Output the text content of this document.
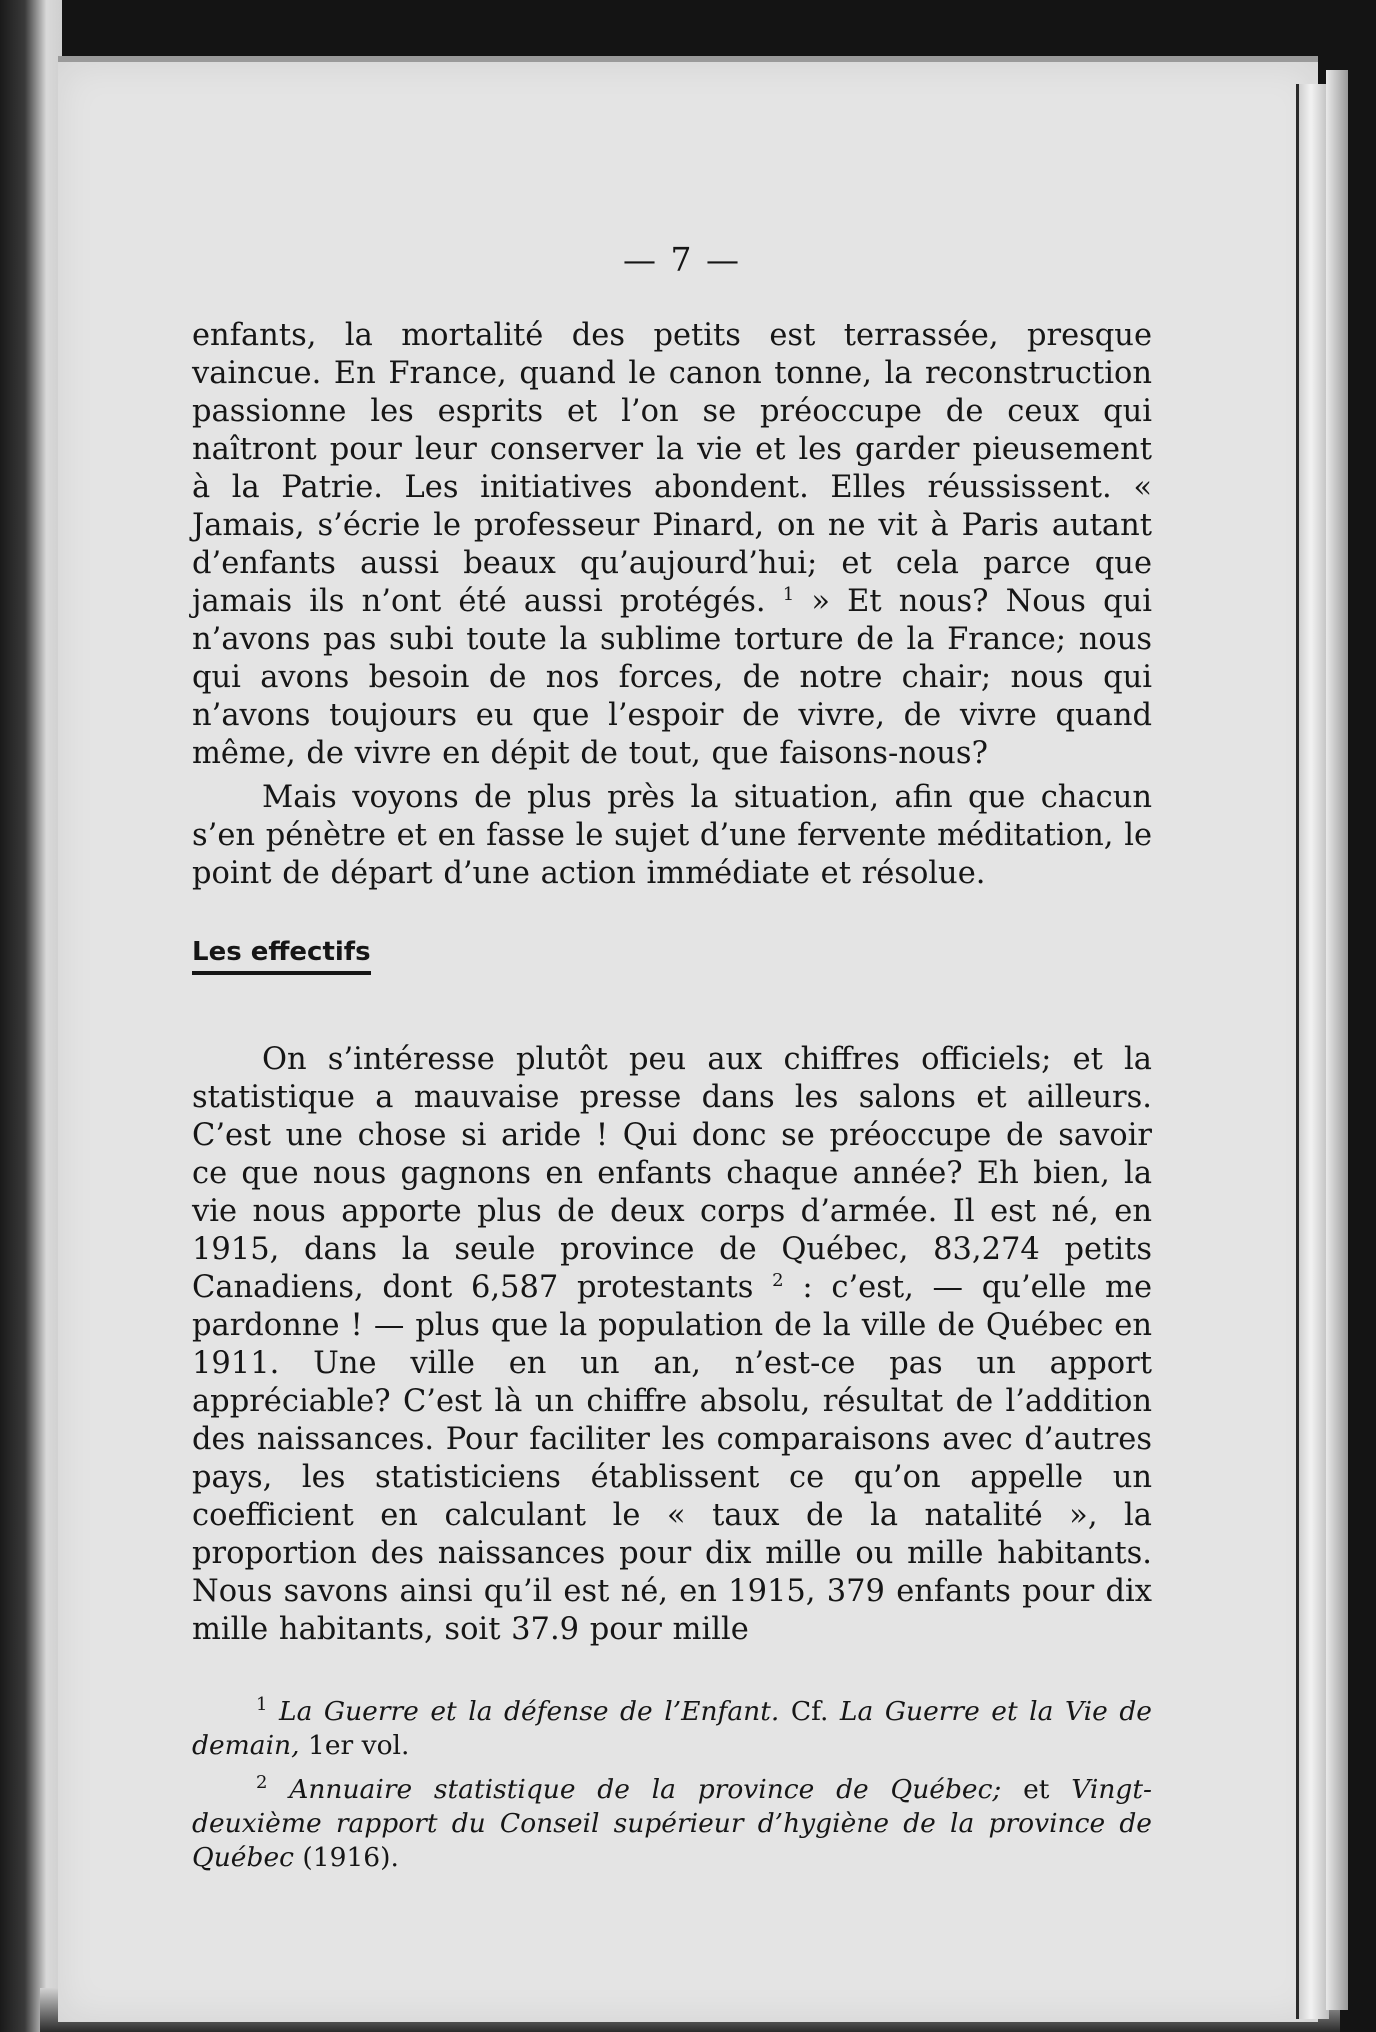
— 7 —

enfants, la mortalité des petits est terrassée, presque vaincue. En France, quand le canon tonne, la reconstruction passionne les esprits et l’on se préoccupe de ceux qui naîtront pour leur conserver la vie et les garder pieusement à la Patrie. Les initiatives abondent. Elles réussissent. « Jamais, s’écrie le professeur Pinard, on ne vit à Paris autant d’enfants aussi beaux qu’aujourd’hui; et cela parce que jamais ils n’ont été aussi protégés. $^1$ » Et nous? Nous qui n’avons pas subi toute la sublime torture de la France; nous qui avons besoin de nos forces, de notre chair; nous qui n’avons toujours eu que l’espoir de vivre, de vivre quand même, de vivre en dépit de tout, que faisons-nous?

Mais voyons de plus près la situation, afin que chacun s’en pénètre et en fasse le sujet d’une fervente méditation, le point de départ d’une action immédiate et résolue.

Les effectifs

On s’intéresse plutôt peu aux chiffres officiels; et la statistique a mauvaise presse dans les salons et ailleurs. C’est une chose si aride ! Qui donc se préoccupe de savoir ce que nous gagnons en enfants chaque année? Eh bien, la vie nous apporte plus de deux corps d’armée. Il est né, en 1915, dans la seule province de Québec, 83,274 petits Canadiens, dont 6,587 protestants $^2$ : c’est, — qu’elle me pardonne ! — plus que la population de la ville de Québec en 1911. Une ville en un an, n’est-ce pas un apport appréciable? C’est là un chiffre absolu, résultat de l’addition des naissances. Pour faciliter les comparaisons avec d’autres pays, les statisticiens établissent ce qu’on appelle un coefficient en calculant le « taux de la natalité », la proportion des naissances pour dix mille ou mille habitants. Nous savons ainsi qu’il est né, en 1915, 379 enfants pour dix mille habitants, soit 37.9 pour mille

$^1$ La Guerre et la défense de l’Enfant. Cf. La Guerre et la Vie de demain, 1er vol.

$^2$ Annuaire statistique de la province de Québec; et Vingt-deuxième rapport du Conseil supérieur d’hygiène de la province de Québec (1916).
